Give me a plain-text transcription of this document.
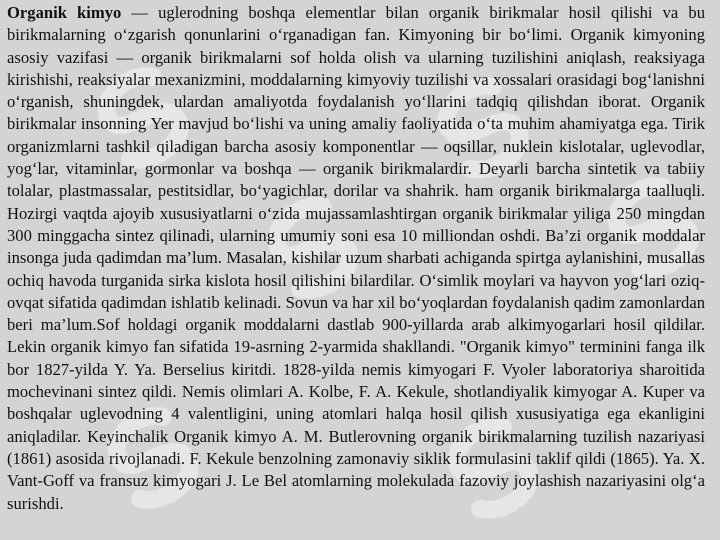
Organik kimyo — uglerodning boshqa elementlar bilan organik birikmalar hosil qilishi va bu birikmalarning o‘zgarish qonunlarini o‘rganadigan fan. Kimyoning bir bo‘limi. Organik kimyoning asosiy vazifasi — organik birikmalarni sof holda olish va ularning tuzilishini aniqlash, reaksiyaga kirishishi, reaksiyalar mexanizmini, moddalarning kimyoviy tuzilishi va xossalari orasidagi bog‘lanishni o‘rganish, shuningdek, ulardan amaliyotda foydalanish yo‘llarini tadqiq qilishdan iborat. Organik birikmalar insonning Yer mavjud bo‘lishi va uning amaliy faoliyatida o‘ta muhim ahamiyatga ega. Tirik organizmlarni tashkil qiladigan barcha asosiy komponentlar — oqsillar, nuklein kislotalar, uglevodlar, yog‘lar, vitaminlar, gormonlar va boshqa — organik birikmalardir. Deyarli barcha sintetik va tabiiy tolalar, plastmassalar, pestitsidlar, bo‘yagichlar, dorilar va shahrik. ham organik birikmalarga taalluqli. Hozirgi vaqtda ajoyib xususiyatlarni o‘zida mujassamlashtirgan organik birikmalar yiliga 250 mingdan 300 minggacha sintez qilinadi, ularning umumiy soni esa 10 milliondan oshdi. Ba’zi organik moddalar insonga juda qadimdan ma’lum. Masalan, kishilar uzum sharbati achiganda spirtga aylanishini, musallas ochiq havoda turganida sirka kislota hosil qilishini bilardilar. O‘simlik moylari va hayvon yog‘lari oziq-ovqat sifatida qadimdan ishlatib kelinadi. Sovun va har xil bo‘yoqlardan foydalanish qadim zamonlardan beri ma’lum.Sof holdagi organik moddalarni dastlab 900-yillarda arab alkimyogarlari hosil qildilar. Lekin organik kimyo fan sifatida 19-asrning 2-yarmida shakllandi. "Organik kimyo" terminini fanga ilk bor 1827-yilda Y. Ya. Berselius kiritdi. 1828-yilda nemis kimyogari F. Vyoler laboratoriya sharoitida mochevinani sintez qildi. Nemis olimlari A. Kolbe, F. A. Kekule, shotlandiyalik kimyogar A. Kuper va boshqalar uglevodning 4 valentligini, uning atomlari halqa hosil qilish xususiyatiga ega ekanligini aniqladilar. Keyinchalik Organik kimyo A. M. Butlerovning organik birikmalarning tuzilish nazariyasi (1861) asosida rivojlanadi. F. Kekule benzolning zamonaviy siklik formulasini taklif qildi (1865). Ya. X. Vant-Goff va fransuz kimyogari J. Le Bel atomlarning molekulada fazoviy joylashish nazariyasini olg‘a surishdi.
